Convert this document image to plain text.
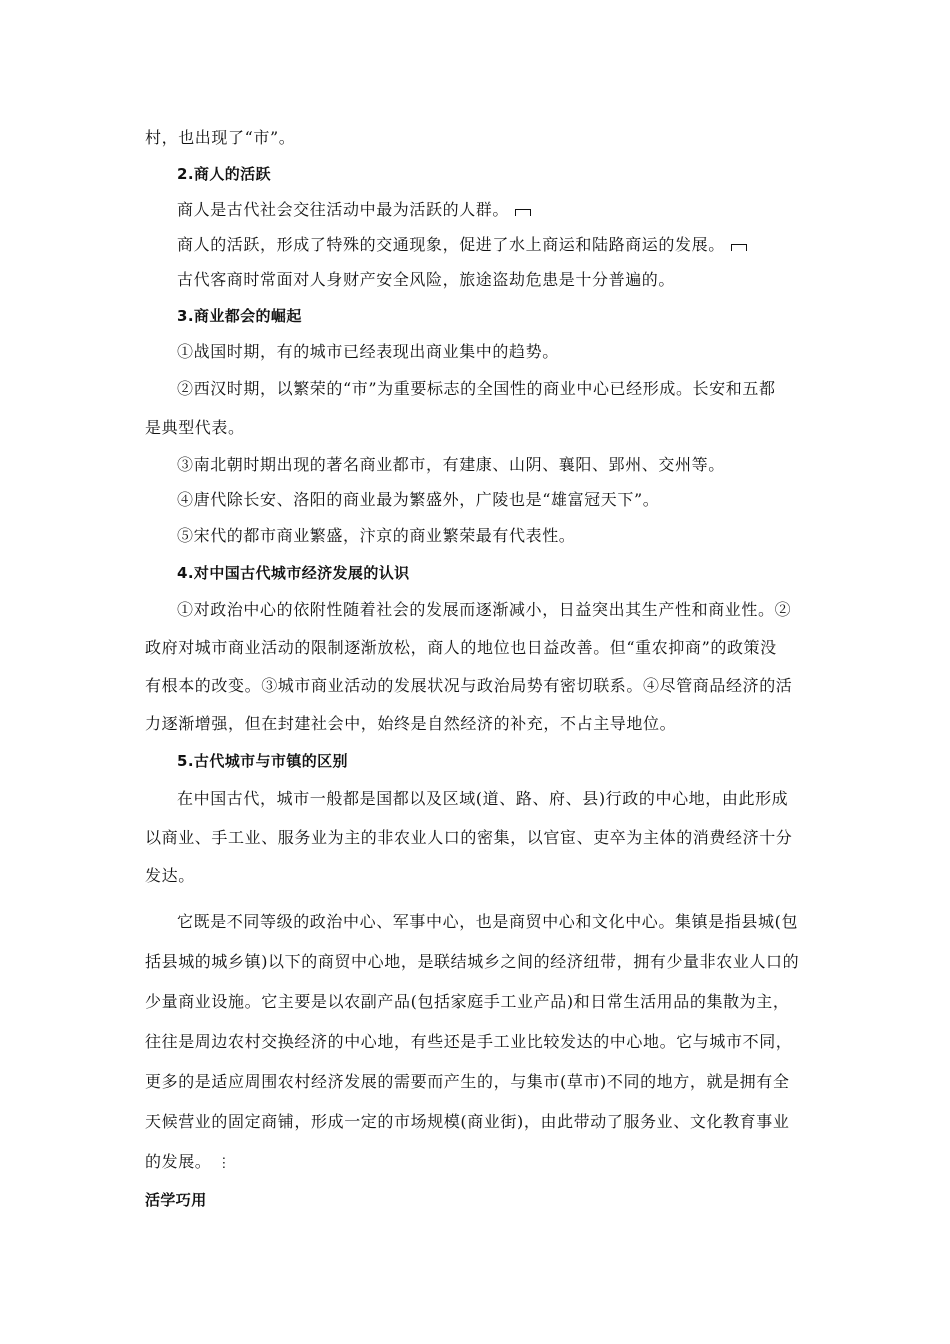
村，也出现了“市”。
2.商人的活跃
商人是古代社会交往活动中最为活跃的人群。
商人的活跃，形成了特殊的交通现象，促进了水上商运和陆路商运的发展。
古代客商时常面对人身财产安全风险，旅途盗劫危患是十分普遍的。
3.商业都会的崛起
①战国时期，有的城市已经表现出商业集中的趋势。
②西汉时期，以繁荣的“市”为重要标志的全国性的商业中心已经形成。长安和五都
是典型代表。
③南北朝时期出现的著名商业都市，有建康、山阴、襄阳、郢州、交州等。
④唐代除长安、洛阳的商业最为繁盛外，广陵也是“雄富冠天下”。
⑤宋代的都市商业繁盛，汴京的商业繁荣最有代表性。
4.对中国古代城市经济发展的认识
①对政治中心的依附性随着社会的发展而逐渐减小，日益突出其生产性和商业性。②
政府对城市商业活动的限制逐渐放松，商人的地位也日益改善。但“重农抑商”的政策没
有根本的改变。③城市商业活动的发展状况与政治局势有密切联系。④尽管商品经济的活
力逐渐增强，但在封建社会中，始终是自然经济的补充，不占主导地位。
5.古代城市与市镇的区别
在中国古代，城市一般都是国都以及区域(道、路、府、县)行政的中心地，由此形成
以商业、手工业、服务业为主的非农业人口的密集，以官宦、吏卒为主体的消费经济十分
发达。
它既是不同等级的政治中心、军事中心，也是商贸中心和文化中心。集镇是指县城(包
括县城的城乡镇)以下的商贸中心地，是联结城乡之间的经济纽带，拥有少量非农业人口的
少量商业设施。它主要是以农副产品(包括家庭手工业产品)和日常生活用品的集散为主，
往往是周边农村交换经济的中心地，有些还是手工业比较发达的中心地。它与城市不同，
更多的是适应周围农村经济发展的需要而产生的，与集市(草市)不同的地方，就是拥有全
天候营业的固定商铺，形成一定的市场规模(商业街)，由此带动了服务业、文化教育事业
的发展。 ⋮
活学巧用
